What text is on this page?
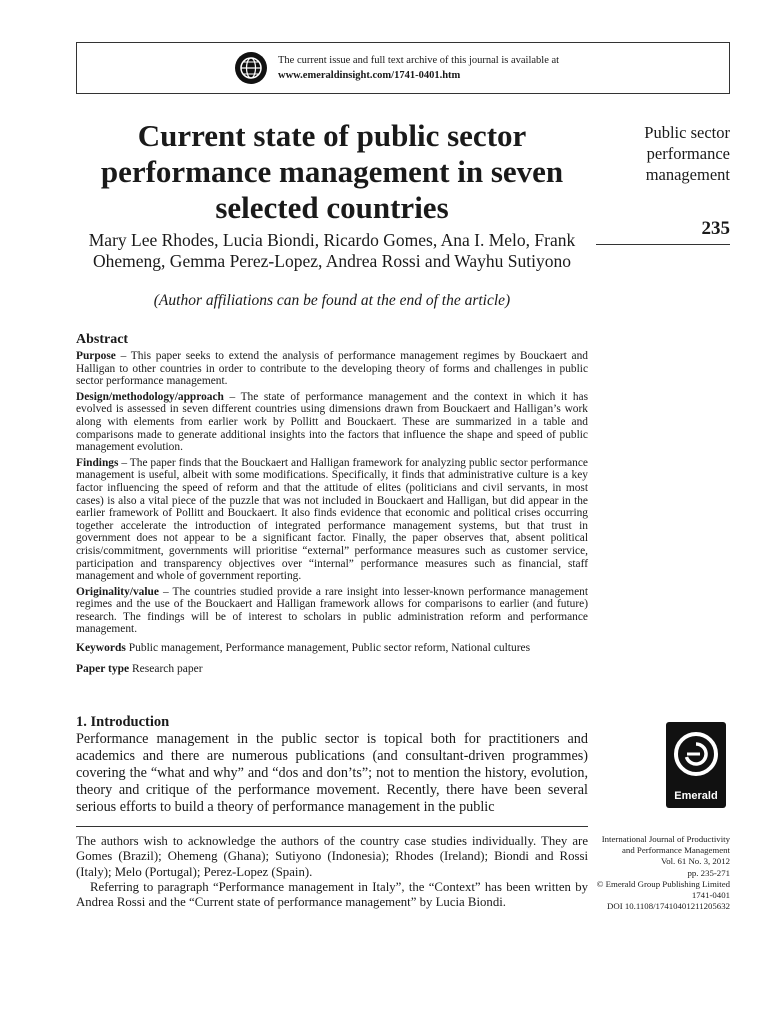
The current issue and full text archive of this journal is available at
www.emeraldinsight.com/1741-0401.htm
Current state of public sector performance management in seven selected countries
Mary Lee Rhodes, Lucia Biondi, Ricardo Gomes, Ana I. Melo, Frank Ohemeng, Gemma Perez-Lopez, Andrea Rossi and Wayhu Sutiyono
(Author affiliations can be found at the end of the article)
Public sector performance management
235
Abstract

Purpose – This paper seeks to extend the analysis of performance management regimes by Bouckaert and Halligan to other countries in order to contribute to the developing theory of forms and challenges in public sector performance management.

Design/methodology/approach – The state of performance management and the context in which it has evolved is assessed in seven different countries using dimensions drawn from Bouckaert and Halligan’s work along with elements from earlier work by Pollitt and Bouckaert. These are summarized in a table and comparisons made to generate additional insights into the factors that influence the shape and speed of public management evolution.

Findings – The paper finds that the Bouckaert and Halligan framework for analyzing public sector performance management is useful, albeit with some modifications. Specifically, it finds that administrative culture is a key factor influencing the speed of reform and that the attitude of elites (politicians and civil servants, in most cases) is also a vital piece of the puzzle that was not included in Bouckaert and Halligan, but did appear in the earlier framework of Pollitt and Bouckaert. It also finds evidence that economic and political crises occurring together accelerate the introduction of integrated performance management systems, but that trust in government does not appear to be a significant factor. Finally, the paper observes that, absent political crisis/commitment, governments will prioritise “external” performance measures such as customer service, participation and transparency objectives over “internal” performance measures such as financial, staff management and whole of government reporting.

Originality/value – The countries studied provide a rare insight into lesser-known performance management regimes and the use of the Bouckaert and Halligan framework allows for comparisons to earlier (and future) research. The findings will be of interest to scholars in public administration reform and performance management.

Keywords Public management, Performance management, Public sector reform, National cultures

Paper type Research paper

1. Introduction

Performance management in the public sector is topical both for practitioners and academics and there are numerous publications (and consultant-driven programmes) covering the “what and why” and “dos and don’ts”; not to mention the history, evolution, theory and critique of the performance movement. Recently, there have been several serious efforts to build a theory of performance management in the public

Emerald

The authors wish to acknowledge the authors of the country case studies individually. They are Gomes (Brazil); Ohemeng (Ghana); Sutiyono (Indonesia); Rhodes (Ireland); Biondi and Rossi (Italy); Melo (Portugal); Perez-Lopez (Spain).

Referring to paragraph “Performance management in Italy”, the “Context” has been written by Andrea Rossi and the “Current state of performance management” by Lucia Biondi.

International Journal of Productivity
and Performance Management
Vol. 61 No. 3, 2012
pp. 235-271
© Emerald Group Publishing Limited
1741-0401
DOI 10.1108/17410401211205632
